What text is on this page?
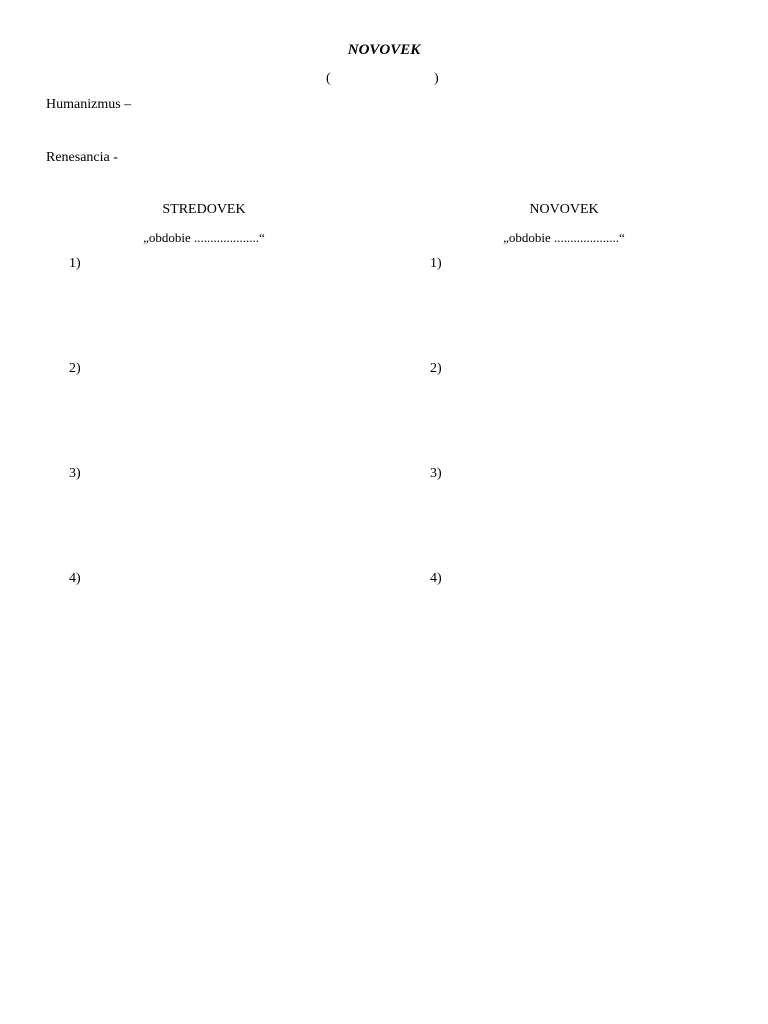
NOVOVEK
(	)
Humanizmus –
Renesancia -
STREDOVEK
„obdobie ....................“
1)
2)
3)
4)
NOVOVEK
„obdobie ....................“
1)
2)
3)
4)
